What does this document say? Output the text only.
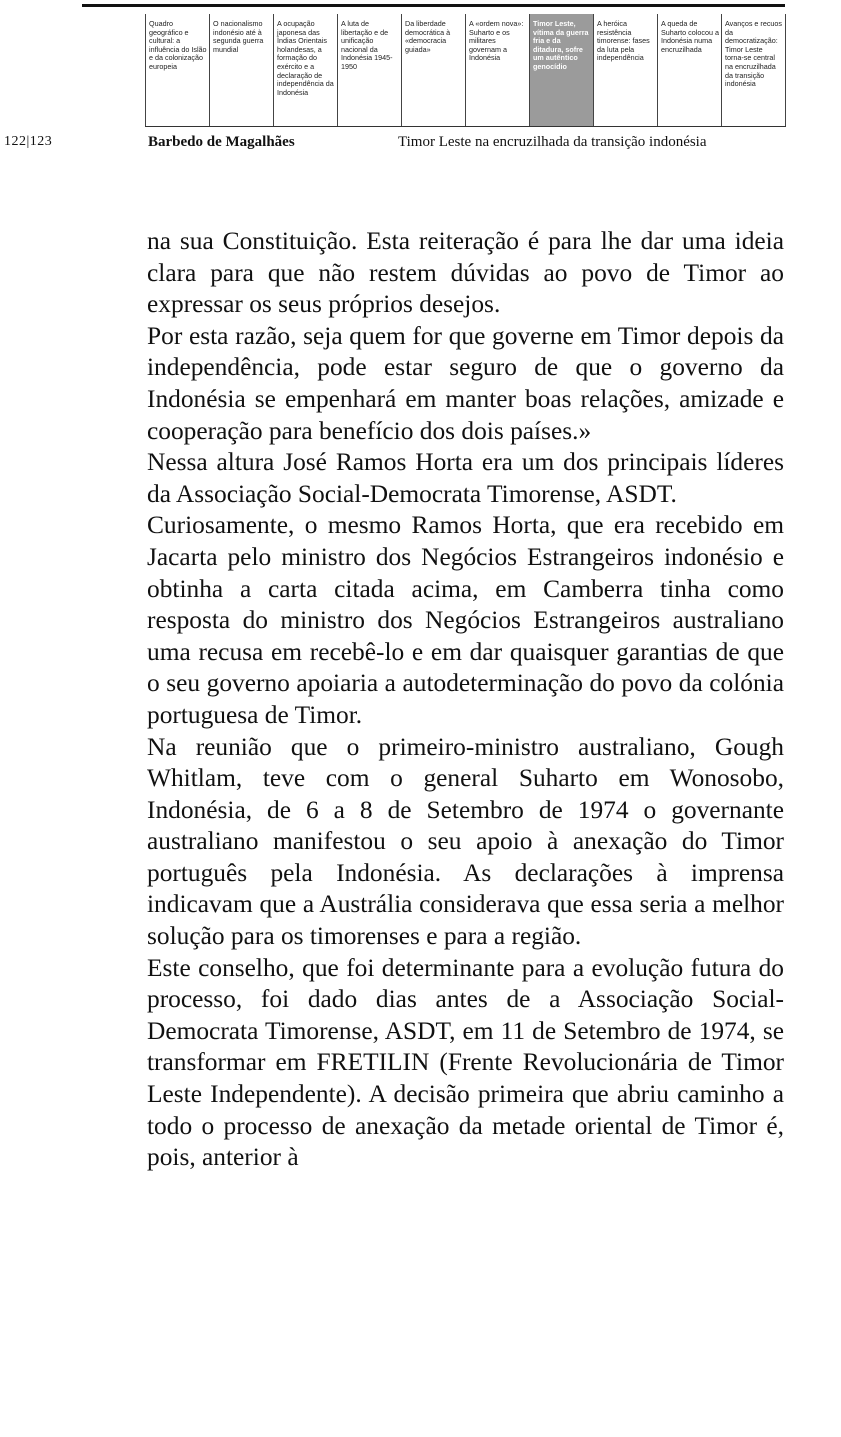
Quadro geográfico e cultural: a influência do Islão e da colonização europeia
O nacionalismo indonésio até à segunda guerra mundial
A ocupação japonesa das Índias Orientais holandesas, a formação do exército e a declaração de independência da Indonésia
A luta de libertação e de unificação nacional da Indonésia 1945-1950
Da liberdade democrática à «democracia guiada»
A «ordem nova»: Suharto e os militares governam a Indonésia
Timor Leste, vítima da guerra fria e da ditadura, sofre um autêntico genocídio
A heróica resistência timorense: fases da luta pela independência
A queda de Suharto colocou a Indonésia numa encruzilhada
Avanços e recuos da democratização: Timor Leste torna-se central na encruzilhada da transição indonésia
122|123	Barbedo de Magalhães	Timor Leste na encruzilhada da transição indonésia

na sua Constituição. Esta reiteração é para lhe dar uma ideia clara para que não restem dúvidas ao povo de Timor ao expressar os seus próprios desejos.

Por esta razão, seja quem for que governe em Timor depois da independência, pode estar seguro de que o governo da Indonésia se empenhará em manter boas relações, amizade e cooperação para benefício dos dois países.»

Nessa altura José Ramos Horta era um dos principais líderes da Associação Social-Democrata Timorense, ASDT.

Curiosamente, o mesmo Ramos Horta, que era recebido em Jacarta pelo ministro dos Negócios Estrangeiros indonésio e obtinha a carta citada acima, em Camberra tinha como resposta do ministro dos Negócios Estrangeiros australiano uma recusa em recebê-lo e em dar quaisquer garantias de que o seu governo apoiaria a autodeterminação do povo da colónia portuguesa de Timor.

Na reunião que o primeiro-ministro australiano, Gough Whitlam, teve com o general Suharto em Wonosobo, Indonésia, de 6 a 8 de Setembro de 1974 o governante australiano manifestou o seu apoio à anexação do Timor português pela Indonésia. As declarações à imprensa indicavam que a Austrália considerava que essa seria a melhor solução para os timorenses e para a região.

Este conselho, que foi determinante para a evolução futura do processo, foi dado dias antes de a Associação Social-Democrata Timorense, ASDT, em 11 de Setembro de 1974, se transformar em FRETILIN (Frente Revolucionária de Timor Leste Independente). A decisão primeira que abriu caminho a todo o processo de anexação da metade oriental de Timor é, pois, anterior à
